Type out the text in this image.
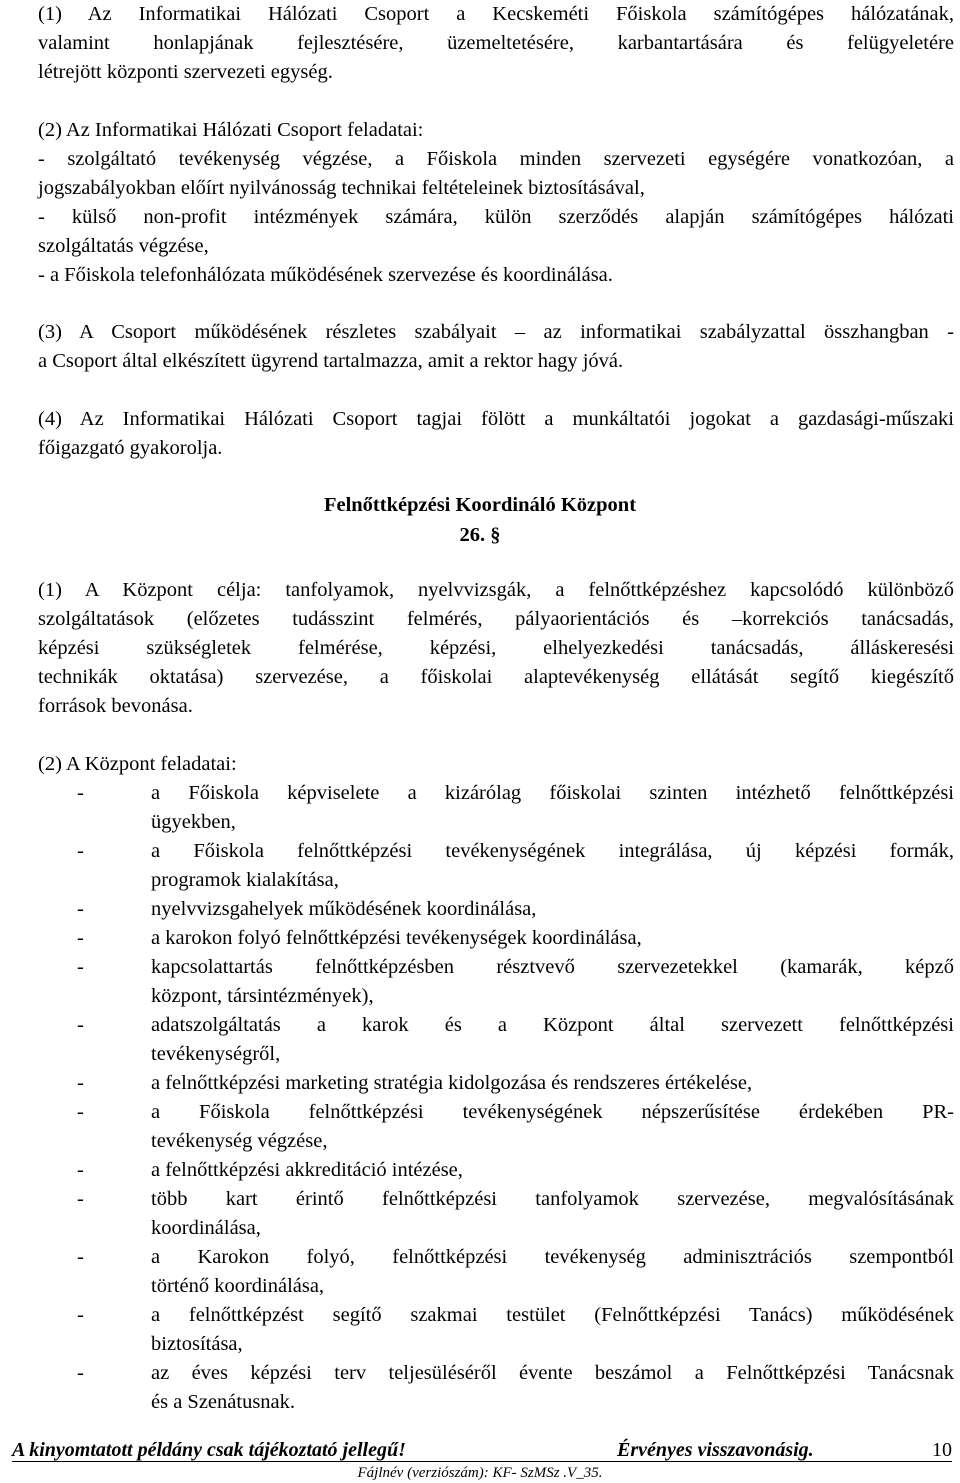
(1) Az Informatikai Hálózati Csoport a Kecskeméti Főiskola számítógépes hálózatának,
valamint honlapjának fejlesztésére, üzemeltetésére, karbantartására és felügyeletére
létrejött központi szervezeti egység.

(2) Az Informatikai Hálózati Csoport feladatai:
- szolgáltató tevékenység végzése, a Főiskola minden szervezeti egységére vonatkozóan, a
jogszabályokban előírt nyilvánosság technikai feltételeinek biztosításával,
- külső non-profit intézmények számára, külön szerződés alapján számítógépes hálózati
szolgáltatás végzése,
- a Főiskola telefonhálózata működésének szervezése és koordinálása.

(3) A Csoport működésének részletes szabályait – az informatikai szabályzattal összhangban -
a Csoport által elkészített ügyrend tartalmazza, amit a rektor hagy jóvá.

(4) Az Informatikai Hálózati Csoport tagjai fölött a munkáltatói jogokat a gazdasági-műszaki
főigazgató gyakorolja.

Felnőttképzési Koordináló Központ
26. §

(1) A Központ célja: tanfolyamok, nyelvvizsgák, a felnőttképzéshez kapcsolódó különböző
szolgáltatások (előzetes tudásszint felmérés, pályaorientációs és –korrekciós tanácsadás,
képzési szükségletek felmérése, képzési, elhelyezkedési tanácsadás, álláskeresési
technikák oktatása) szervezése, a főiskolai alaptevékenység ellátását segítő kiegészítő
források bevonása.

(2) A Központ feladatai:

-	a Főiskola képviselete a kizárólag főiskolai szinten intézhető felnőttképzési
ügyekben,
-	a Főiskola felnőttképzési tevékenységének integrálása, új képzési formák,
programok kialakítása,
-	nyelvvizsgahelyek működésének koordinálása,
-	a karokon folyó felnőttképzési tevékenységek koordinálása,
-	kapcsolattartás felnőttképzésben résztvevő szervezetekkel (kamarák, képző
központ, társintézmények),
-	adatszolgáltatás a karok és a Központ által szervezett felnőttképzési
tevékenységről,
-	a felnőttképzési marketing stratégia kidolgozása és rendszeres értékelése,
-	a Főiskola felnőttképzési tevékenységének népszerűsítése érdekében PR-
tevékenység végzése,
-	a felnőttképzési akkreditáció intézése,
-	több kart érintő felnőttképzési tanfolyamok szervezése, megvalósításának
koordinálása,
-	a Karokon folyó, felnőttképzési tevékenység adminisztrációs szempontból
történő koordinálása,
-	a felnőttképzést segítő szakmai testület (Felnőttképzési Tanács) működésének
biztosítása,
-	az éves képzési terv teljesüléséről évente beszámol a Felnőttképzési Tanácsnak
és a Szenátusnak.
A kinyomtatott példány csak tájékoztató jellegű!	Érvényes visszavonásig.	10
Fájlnév (verziószám): KF- SzMSz .V_35.
